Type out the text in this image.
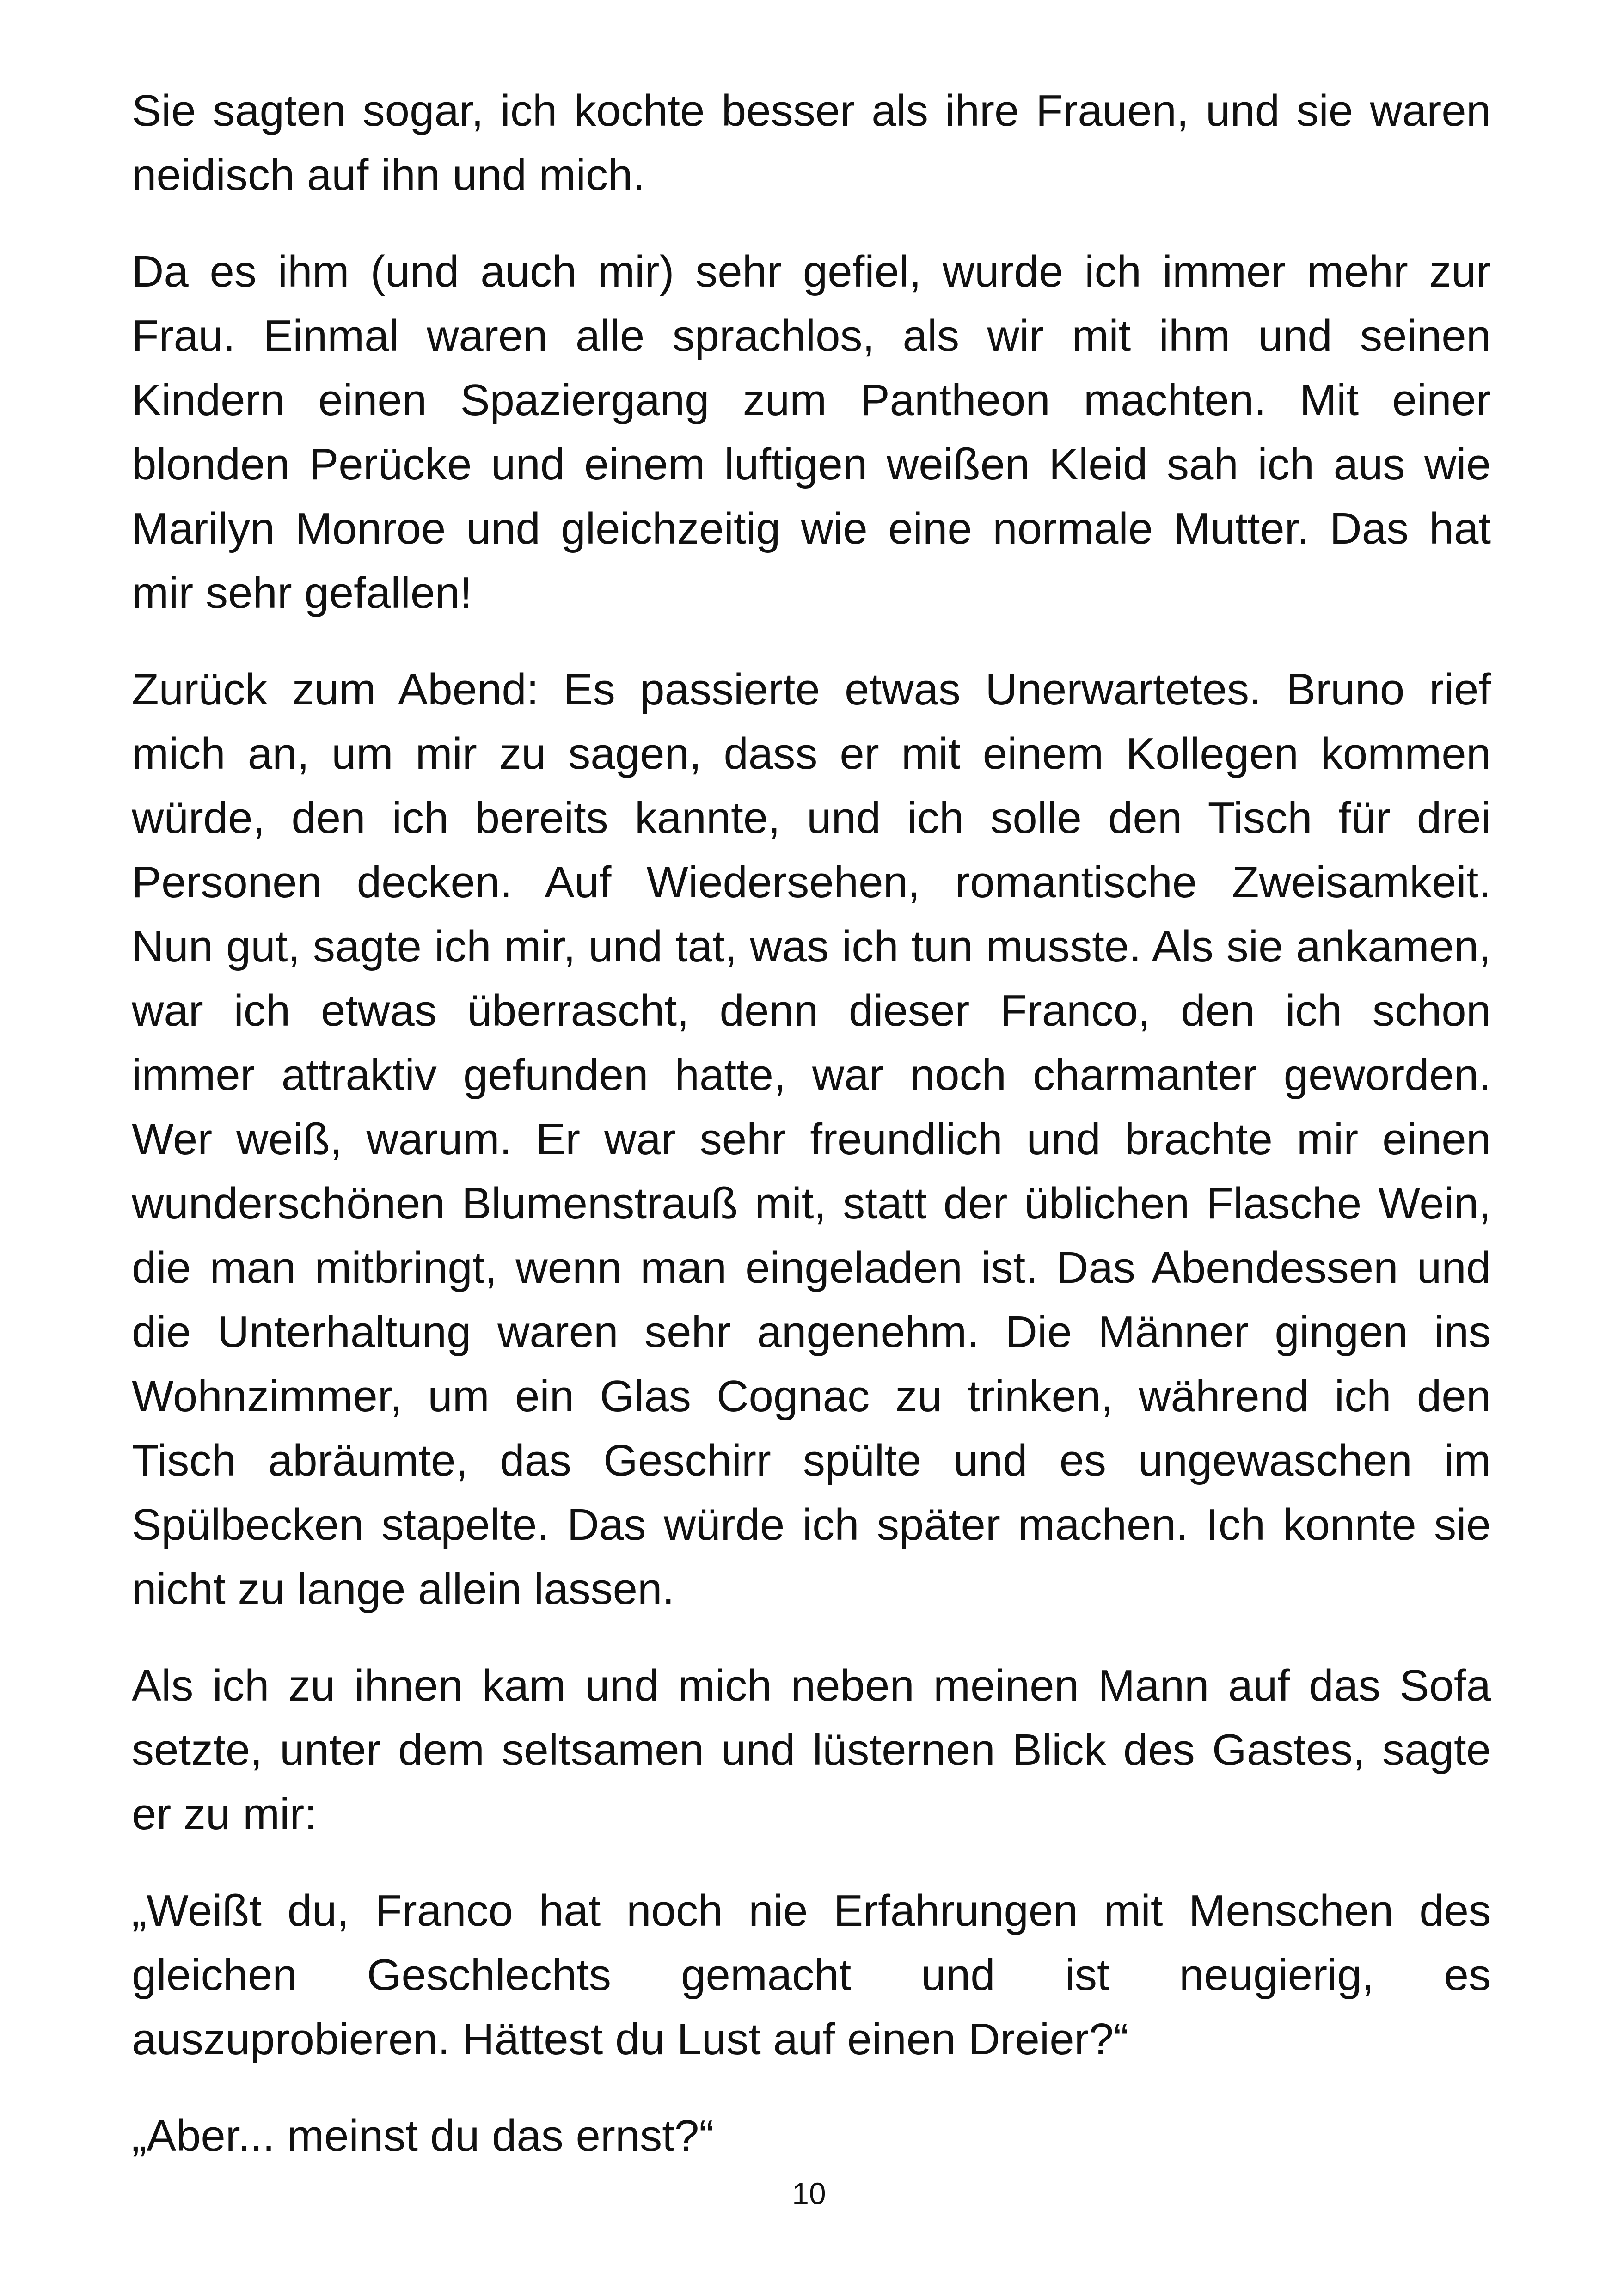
Sie sagten sogar, ich kochte besser als ihre Frauen, und sie waren
neidisch auf ihn und mich.

Da es ihm (und auch mir) sehr gefiel, wurde ich immer mehr zur
Frau. Einmal waren alle sprachlos, als wir mit ihm und seinen
Kindern einen Spaziergang zum Pantheon machten. Mit einer
blonden Perücke und einem luftigen weißen Kleid sah ich aus wie
Marilyn Monroe und gleichzeitig wie eine normale Mutter. Das hat
mir sehr gefallen!

Zurück zum Abend: Es passierte etwas Unerwartetes. Bruno rief
mich an, um mir zu sagen, dass er mit einem Kollegen kommen
würde, den ich bereits kannte, und ich solle den Tisch für drei
Personen decken. Auf Wiedersehen, romantische Zweisamkeit.
Nun gut, sagte ich mir, und tat, was ich tun musste. Als sie ankamen,
war ich etwas überrascht, denn dieser Franco, den ich schon
immer attraktiv gefunden hatte, war noch charmanter geworden.
Wer weiß, warum. Er war sehr freundlich und brachte mir einen
wunderschönen Blumenstrauß mit, statt der üblichen Flasche Wein,
die man mitbringt, wenn man eingeladen ist. Das Abendessen und
die Unterhaltung waren sehr angenehm. Die Männer gingen ins
Wohnzimmer, um ein Glas Cognac zu trinken, während ich den
Tisch abräumte, das Geschirr spülte und es ungewaschen im
Spülbecken stapelte. Das würde ich später machen. Ich konnte sie
nicht zu lange allein lassen.

Als ich zu ihnen kam und mich neben meinen Mann auf das Sofa
setzte, unter dem seltsamen und lüsternen Blick des Gastes, sagte
er zu mir:

„Weißt du, Franco hat noch nie Erfahrungen mit Menschen des
gleichen Geschlechts gemacht und ist neugierig, es
auszuprobieren. Hättest du Lust auf einen Dreier?“

„Aber... meinst du das ernst?“

10
